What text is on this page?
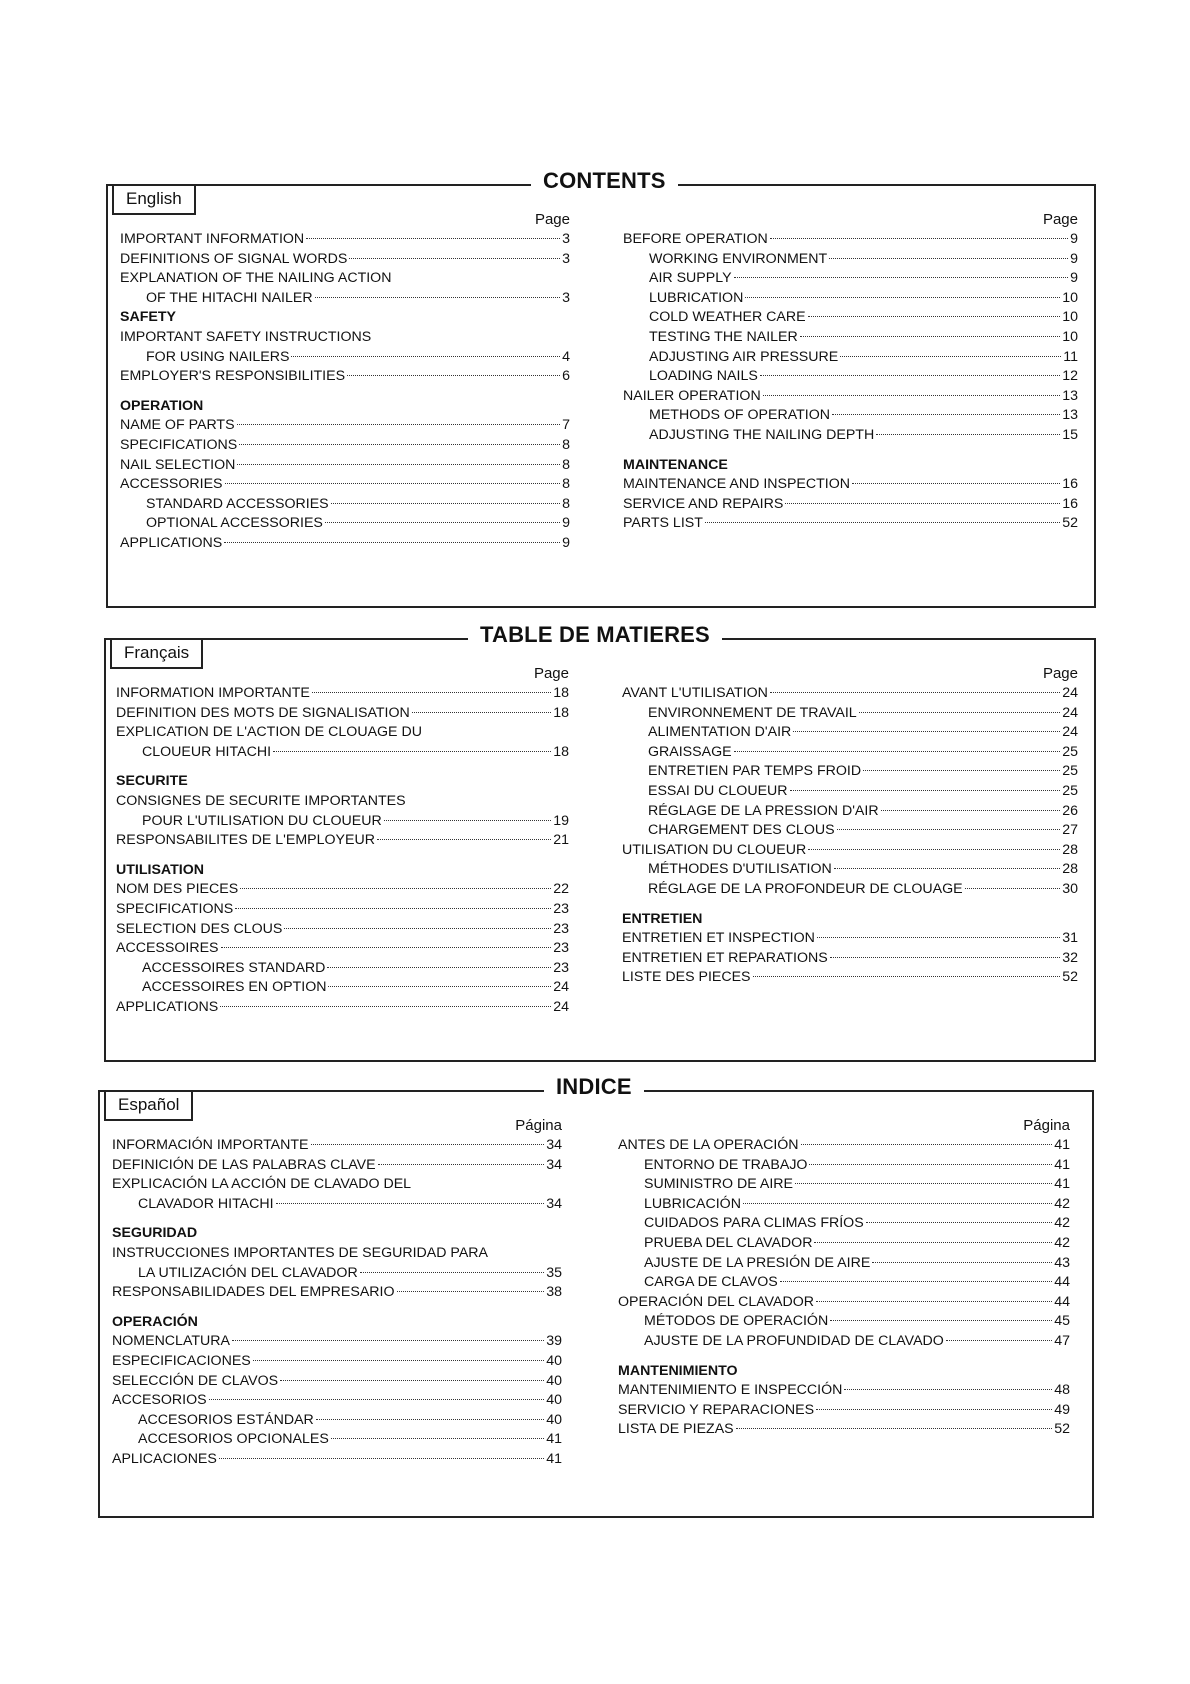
CONTENTS
English
Page
IMPORTANT INFORMATION	3
DEFINITIONS OF SIGNAL WORDS	3
EXPLANATION OF THE NAILING ACTION
OF THE HITACHI NAILER	3
SAFETY
IMPORTANT SAFETY INSTRUCTIONS
FOR USING NAILERS	4
EMPLOYER'S RESPONSIBILITIES	6
OPERATION
NAME OF PARTS	7
SPECIFICATIONS	8
NAIL SELECTION	8
ACCESSORIES	8
STANDARD ACCESSORIES	8
OPTIONAL ACCESSORIES	9
APPLICATIONS	9
Page
BEFORE OPERATION	9
WORKING ENVIRONMENT	9
AIR SUPPLY	9
LUBRICATION	10
COLD WEATHER CARE	10
TESTING THE NAILER	10
ADJUSTING AIR PRESSURE	11
LOADING NAILS	12
NAILER OPERATION	13
METHODS OF OPERATION	13
ADJUSTING THE NAILING DEPTH	15
MAINTENANCE
MAINTENANCE AND INSPECTION	16
SERVICE AND REPAIRS	16
PARTS LIST	52
TABLE DE MATIERES
Français
Page
INFORMATION IMPORTANTE	18
DEFINITION DES MOTS DE SIGNALISATION	18
EXPLICATION DE L'ACTION DE CLOUAGE DU
CLOUEUR HITACHI	18
SECURITE
CONSIGNES DE SECURITE IMPORTANTES
POUR L'UTILISATION DU CLOUEUR	19
RESPONSABILITES DE L'EMPLOYEUR	21
UTILISATION
NOM DES PIECES	22
SPECIFICATIONS	23
SELECTION DES CLOUS	23
ACCESSOIRES	23
ACCESSOIRES STANDARD	23
ACCESSOIRES EN OPTION	24
APPLICATIONS	24
Page
AVANT L'UTILISATION	24
ENVIRONNEMENT DE TRAVAIL	24
ALIMENTATION D'AIR	24
GRAISSAGE	25
ENTRETIEN PAR TEMPS FROID	25
ESSAI DU CLOUEUR	25
RÉGLAGE DE LA PRESSION D'AIR	26
CHARGEMENT DES CLOUS	27
UTILISATION DU CLOUEUR	28
MÉTHODES D'UTILISATION	28
RÉGLAGE DE LA PROFONDEUR DE CLOUAGE	30
ENTRETIEN
ENTRETIEN ET INSPECTION	31
ENTRETIEN ET REPARATIONS	32
LISTE DES PIECES	52
INDICE
Español
Página
INFORMACIÓN IMPORTANTE	34
DEFINICIÓN DE LAS PALABRAS CLAVE	34
EXPLICACIÓN LA ACCIÓN DE CLAVADO DEL
CLAVADOR HITACHI	34
SEGURIDAD
INSTRUCCIONES IMPORTANTES DE SEGURIDAD PARA
LA UTILIZACIÓN DEL CLAVADOR	35
RESPONSABILIDADES DEL EMPRESARIO	38
OPERACIÓN
NOMENCLATURA	39
ESPECIFICACIONES	40
SELECCIÓN DE CLAVOS	40
ACCESORIOS	40
ACCESORIOS ESTÁNDAR	40
ACCESORIOS OPCIONALES	41
APLICACIONES	41
Página
ANTES DE LA OPERACIÓN	41
ENTORNO DE TRABAJO	41
SUMINISTRO DE AIRE	41
LUBRICACIÓN	42
CUIDADOS PARA CLIMAS FRÍOS	42
PRUEBA DEL CLAVADOR	42
AJUSTE DE LA PRESIÓN DE AIRE	43
CARGA DE CLAVOS	44
OPERACIÓN DEL CLAVADOR	44
MÉTODOS DE OPERACIÓN	45
AJUSTE DE LA PROFUNDIDAD DE CLAVADO	47
MANTENIMIENTO
MANTENIMIENTO E INSPECCIÓN	48
SERVICIO Y REPARACIONES	49
LISTA DE PIEZAS	52
